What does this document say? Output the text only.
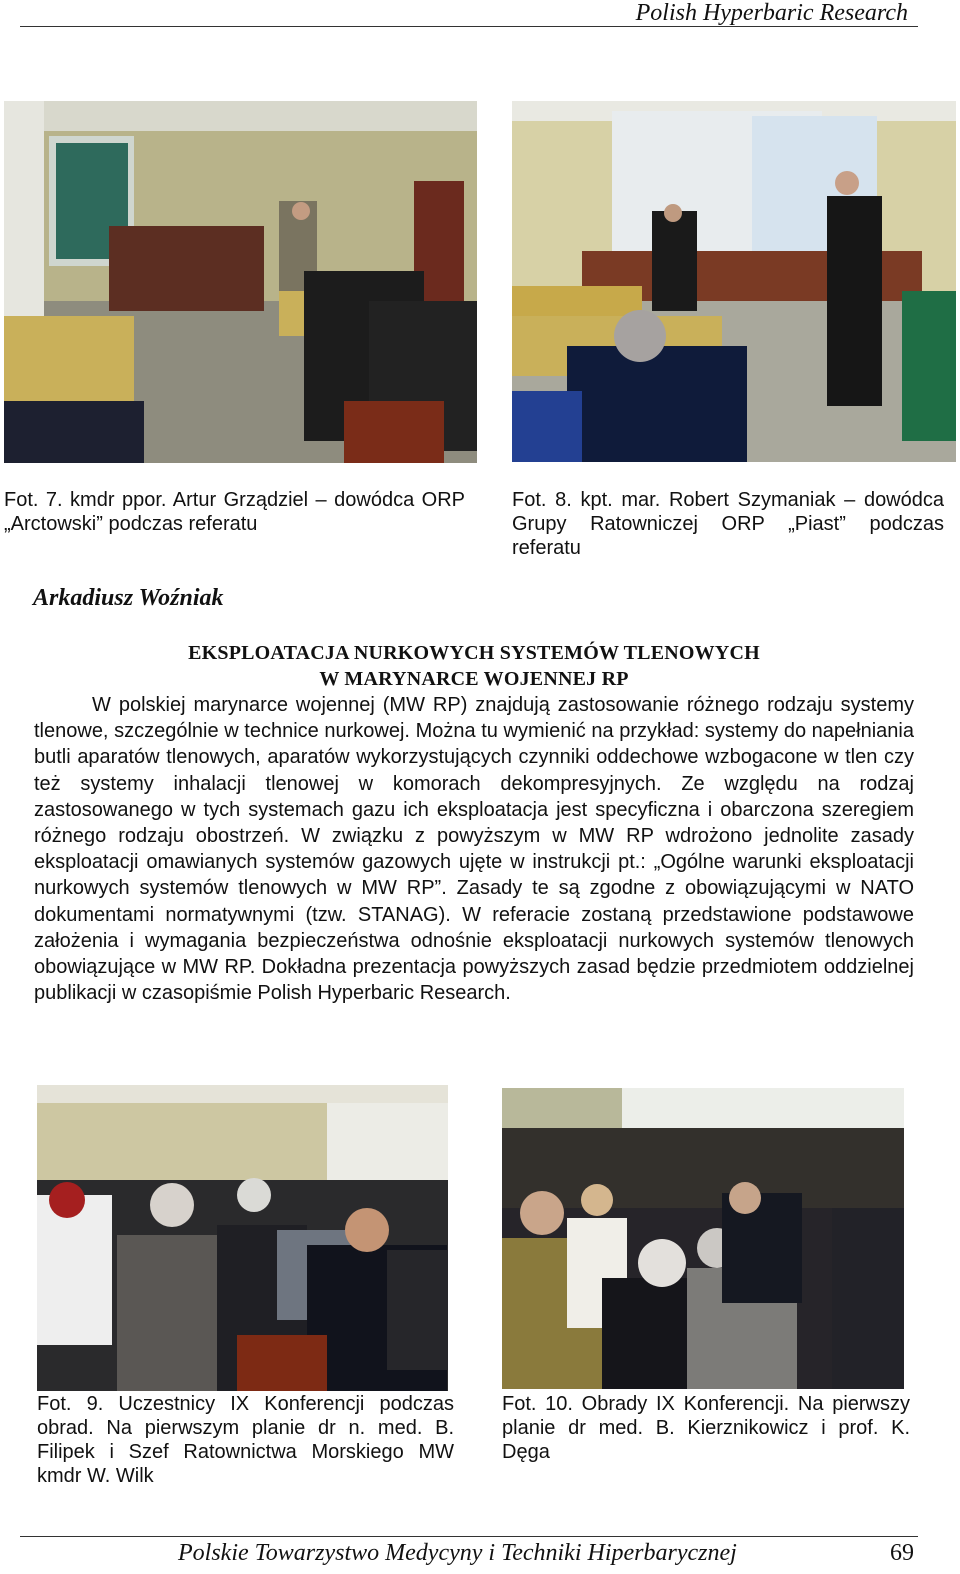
Polish Hyperbaric Research
Fot. 7. kmdr ppor. Artur Grządziel – dowódca ORP „Arctowski” podczas referatu
Fot. 8. kpt. mar. Robert Szymaniak – dowódca Grupy Ratowniczej ORP „Piast” podczas referatu
Arkadiusz Woźniak
EKSPLOATACJA NURKOWYCH SYSTEMÓW TLENOWYCH
W MARYNARCE WOJENNEJ RP
W polskiej marynarce wojennej (MW RP) znajdują zastosowanie różnego rodzaju systemy tlenowe, szczególnie w technice nurkowej. Można tu wymienić na przykład: systemy do napełniania butli aparatów tlenowych, aparatów wykorzystujących czynniki oddechowe wzbogacone w tlen czy też systemy inhalacji tlenowej w komorach dekompresyjnych. Ze względu na rodzaj zastosowanego w tych systemach gazu ich eksploatacja jest specyficzna i obarczona szeregiem różnego rodzaju obostrzeń. W związku z powyższym w MW RP wdrożono jednolite zasady eksploatacji omawianych systemów gazowych ujęte w instrukcji pt.: „Ogólne warunki eksploatacji nurkowych systemów tlenowych w MW RP”. Zasady te są zgodne z obowiązującymi w NATO dokumentami normatywnymi (tzw. STANAG). W referacie zostaną przedstawione podstawowe założenia i wymagania bezpieczeństwa odnośnie eksploatacji nurkowych systemów tlenowych obowiązujące w MW RP. Dokładna prezentacja powyższych zasad będzie przedmiotem oddzielnej publikacji w czasopiśmie Polish Hyperbaric Research.
Fot. 9. Uczestnicy IX Konferencji podczas obrad. Na pierwszym planie dr n. med. B. Filipek i Szef Ratownictwa Morskiego MW kmdr W. Wilk
Fot. 10. Obrady IX Konferencji. Na pierwszy planie dr med. B. Kierznikowicz i prof. K. Dęga
Polskie Towarzystwo Medycyny i Techniki Hiperbarycznej	69
